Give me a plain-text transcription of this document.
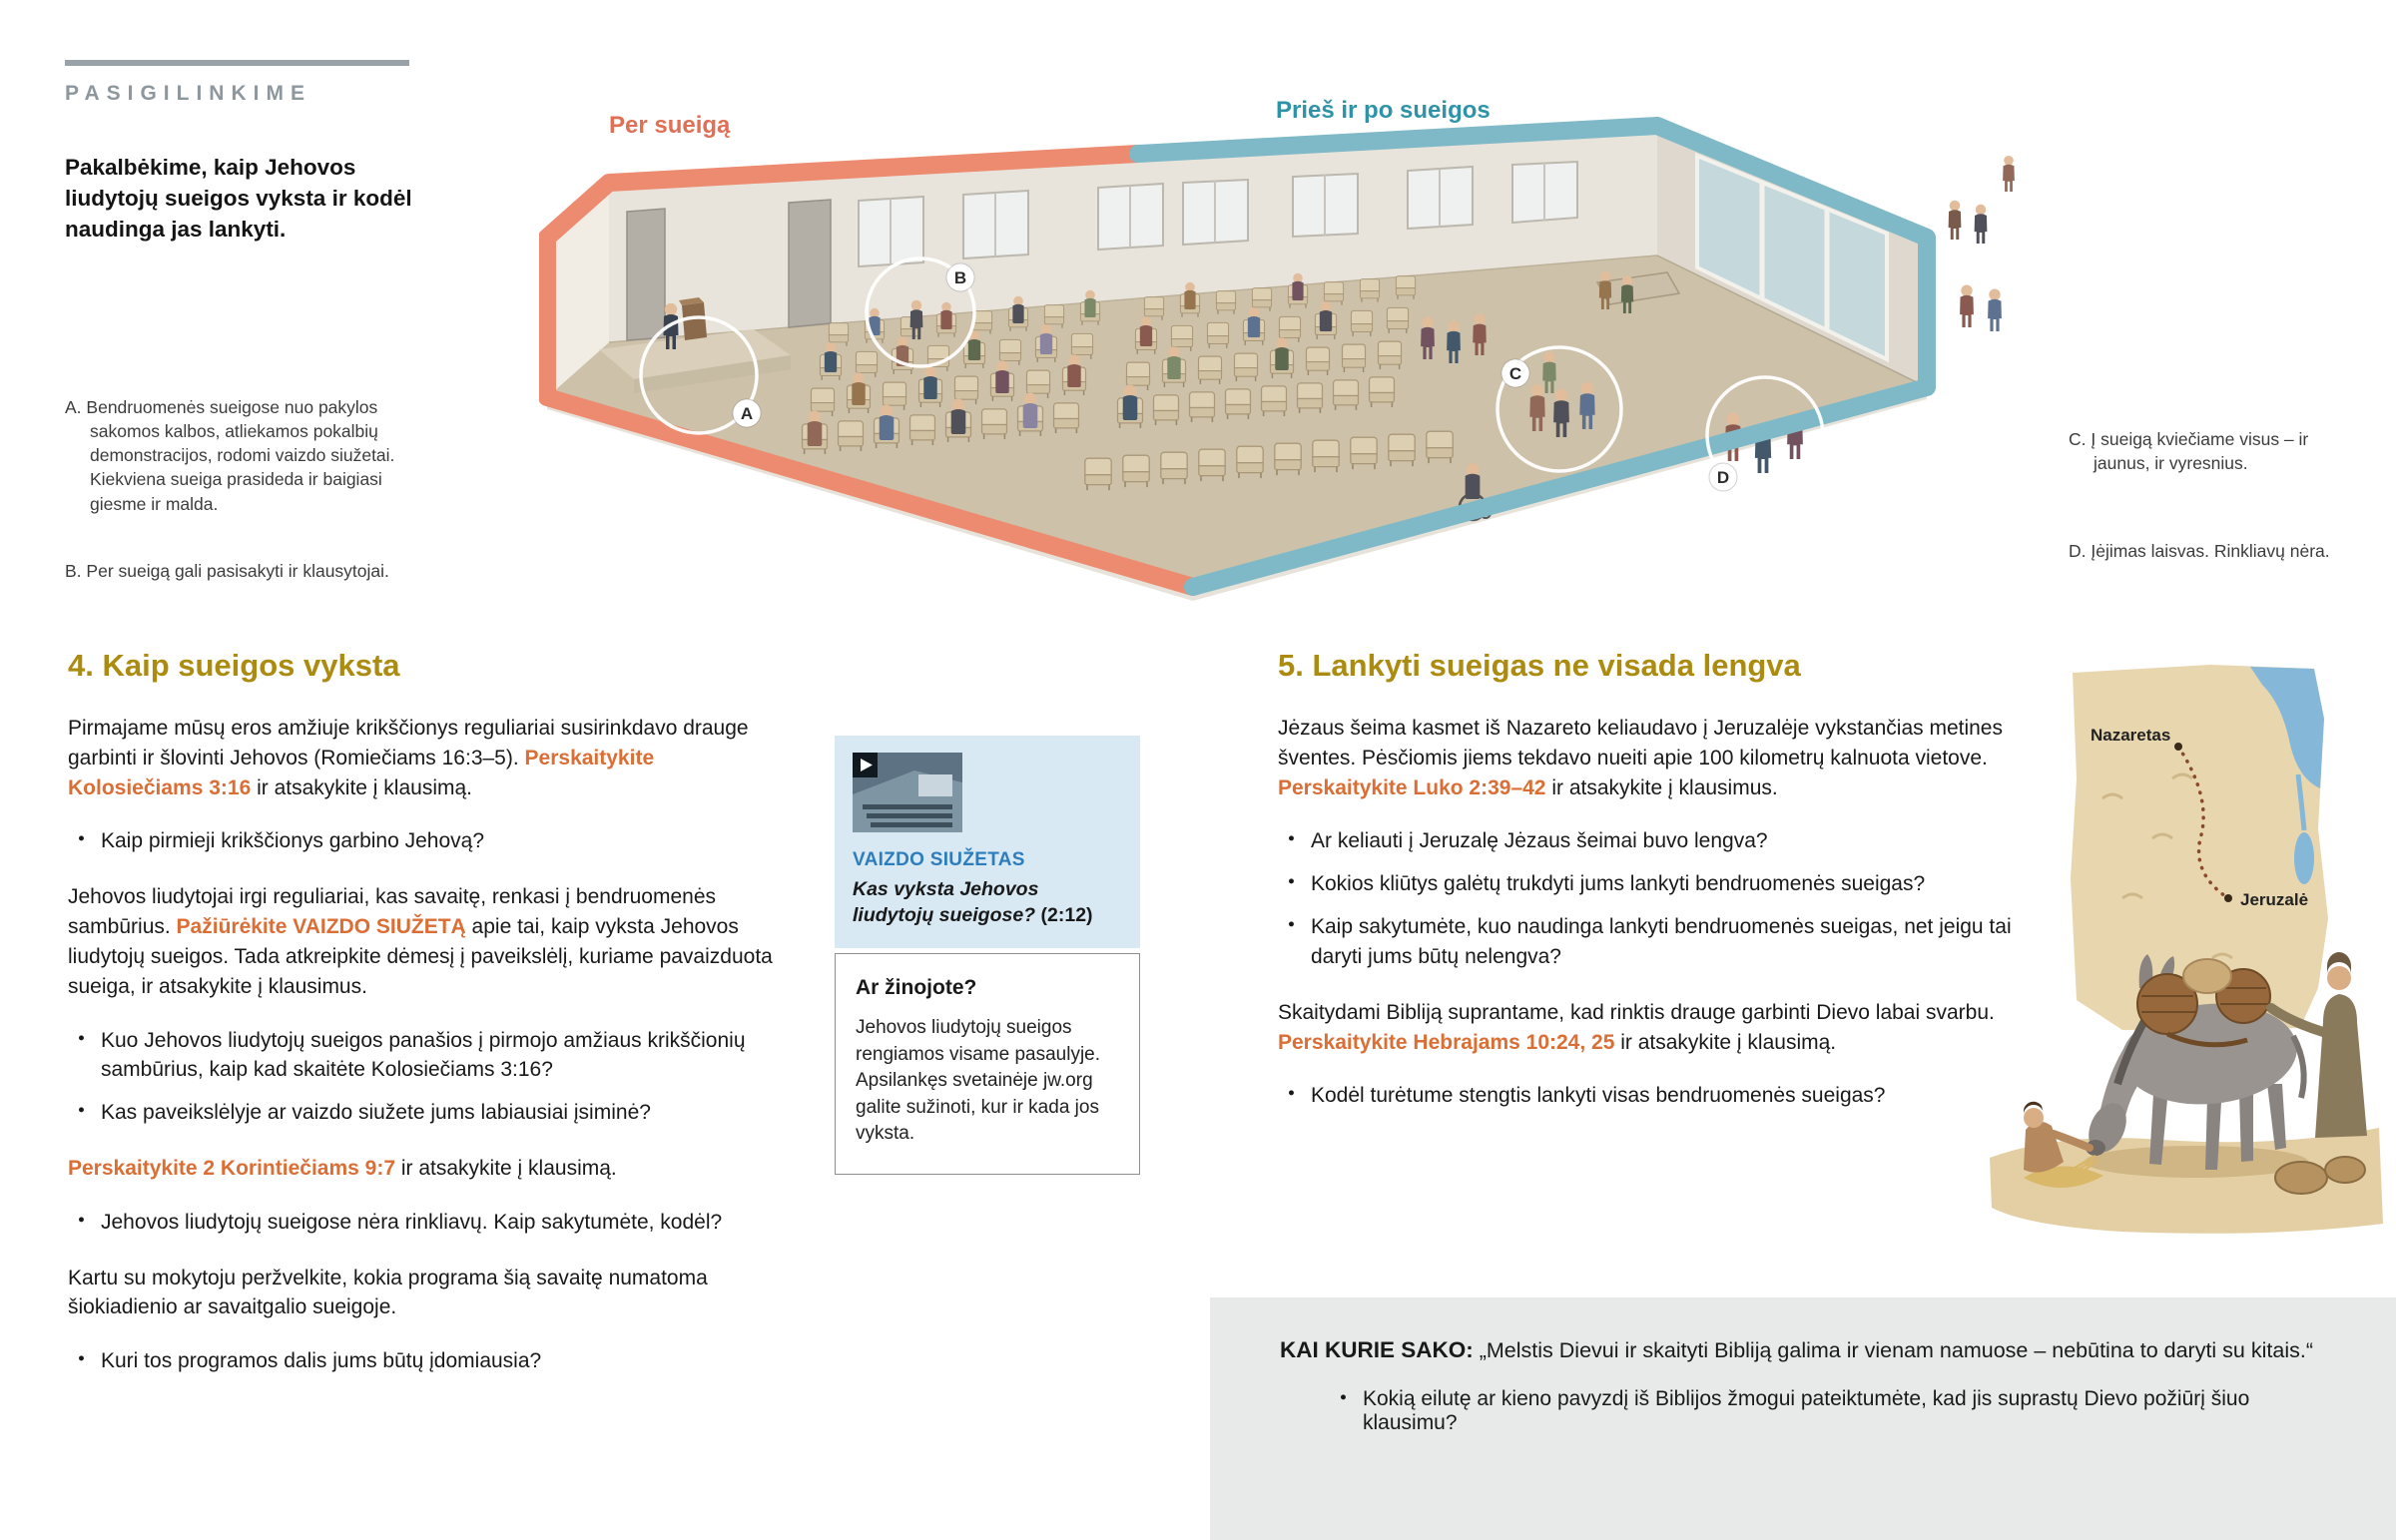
PASIGILINKIME
Pakalbėkime, kaip Jehovos liudytojų sueigos vyksta ir kodėl naudinga jas lankyti.
A. Bendruomenės sueigose nuo pakylos sakomos kalbos, atliekamos pokalbių demonstracijos, rodomi vaizdo siužetai. Kiekviena sueiga prasideda ir baigiasi giesme ir malda.
B. Per sueigą gali pasisakyti ir klausytojai.
C. Į sueigą kviečiame visus – ir jaunus, ir vyresnius.
D. Įėjimas laisvas. Rinkliavų nėra.
Per sueigą
Prieš ir po sueigos
A
B
C
D
4. Kaip sueigos vyksta

Pirmajame mūsų eros amžiuje krikščionys reguliariai susirinkdavo drauge garbinti ir šlovinti Jehovos (Romiečiams 16:3–5). Perskaitykite Kolosiečiams 3:16 ir atsakykite į klausimą.

● Kaip pirmieji krikščionys garbino Jehovą?

Jehovos liudytojai irgi reguliariai, kas savaitę, renkasi į bendruomenės sambūrius. Pažiūrėkite VAIZDO SIUŽETĄ apie tai, kaip vyksta Jehovos liudytojų sueigos. Tada atkreipkite dėmesį į paveikslėlį, kuriame pavaizduota sueiga, ir atsakykite į klausimus.

● Kuo Jehovos liudytojų sueigos panašios į pirmojo amžiaus krikščionių sambūrius, kaip kad skaitėte Kolosiečiams 3:16?
● Kas paveikslėlyje ar vaizdo siužete jums labiausiai įsiminė?

Perskaitykite 2 Korintiečiams 9:7 ir atsakykite į klausimą.

● Jehovos liudytojų sueigose nėra rinkliavų. Kaip sakytumėte, kodėl?

Kartu su mokytoju peržvelkite, kokia programa šią savaitę numatoma šiokiadienio ar savaitgalio sueigoje.

● Kuri tos programos dalis jums būtų įdomiausia?
VAIZDO SIUŽETAS
Kas vyksta Jehovos liudytojų sueigose? (2:12)
Ar žinojote?
Jehovos liudytojų sueigos rengiamos visame pasaulyje. Apsilankęs svetainėje jw.org galite sužinoti, kur ir kada jos vyksta.
5. Lankyti sueigas ne visada lengva

Jėzaus šeima kasmet iš Nazareto keliaudavo į Jeruzalėje vykstančias metines šventes. Pėsčiomis jiems tekdavo nueiti apie 100 kilometrų kalnuota vietove. Perskaitykite Luko 2:39–42 ir atsakykite į klausimus.

● Ar keliauti į Jeruzalę Jėzaus šeimai buvo lengva?
● Kokios kliūtys galėtų trukdyti jums lankyti bendruomenės sueigas?
● Kaip sakytumėte, kuo naudinga lankyti bendruomenės sueigas, net jeigu tai daryti jums būtų nelengva?

Skaitydami Bibliją suprantame, kad rinktis drauge garbinti Dievo labai svarbu. Perskaitykite Hebrajams 10:24, 25 ir atsakykite į klausimą.

● Kodėl turėtume stengtis lankyti visas bendruomenės sueigas?
Nazaretas
Jeruzalė
KAI KURIE SAKO: „Melstis Dievui ir skaityti Bibliją galima ir vienam namuose – nebūtina to daryti su kitais.“
● Kokią eilutę ar kieno pavyzdį iš Biblijos žmogui pateiktumėte, kad jis suprastų Dievo požiūrį šiuo klausimu?
